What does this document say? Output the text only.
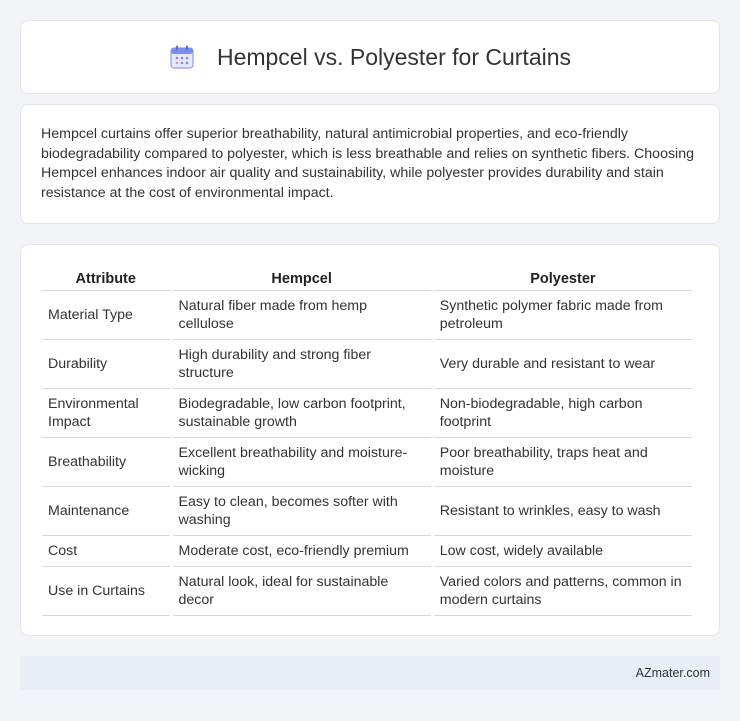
Hempcel vs. Polyester for Curtains

Hempcel curtains offer superior breathability, natural antimicrobial properties, and eco-friendly biodegradability compared to polyester, which is less breathable and relies on synthetic fibers. Choosing Hempcel enhances indoor air quality and sustainability, while polyester provides durability and stain resistance at the cost of environmental impact.

Attribute	Hempcel	Polyester
Material Type	Natural fiber made from hemp cellulose	Synthetic polymer fabric made from petroleum
Durability	High durability and strong fiber structure	Very durable and resistant to wear
Environmental Impact	Biodegradable, low carbon footprint, sustainable growth	Non-biodegradable, high carbon footprint
Breathability	Excellent breathability and moisture-wicking	Poor breathability, traps heat and moisture
Maintenance	Easy to clean, becomes softer with washing	Resistant to wrinkles, easy to wash
Cost	Moderate cost, eco-friendly premium	Low cost, widely available
Use in Curtains	Natural look, ideal for sustainable decor	Varied colors and patterns, common in modern curtains
AZmater.com
